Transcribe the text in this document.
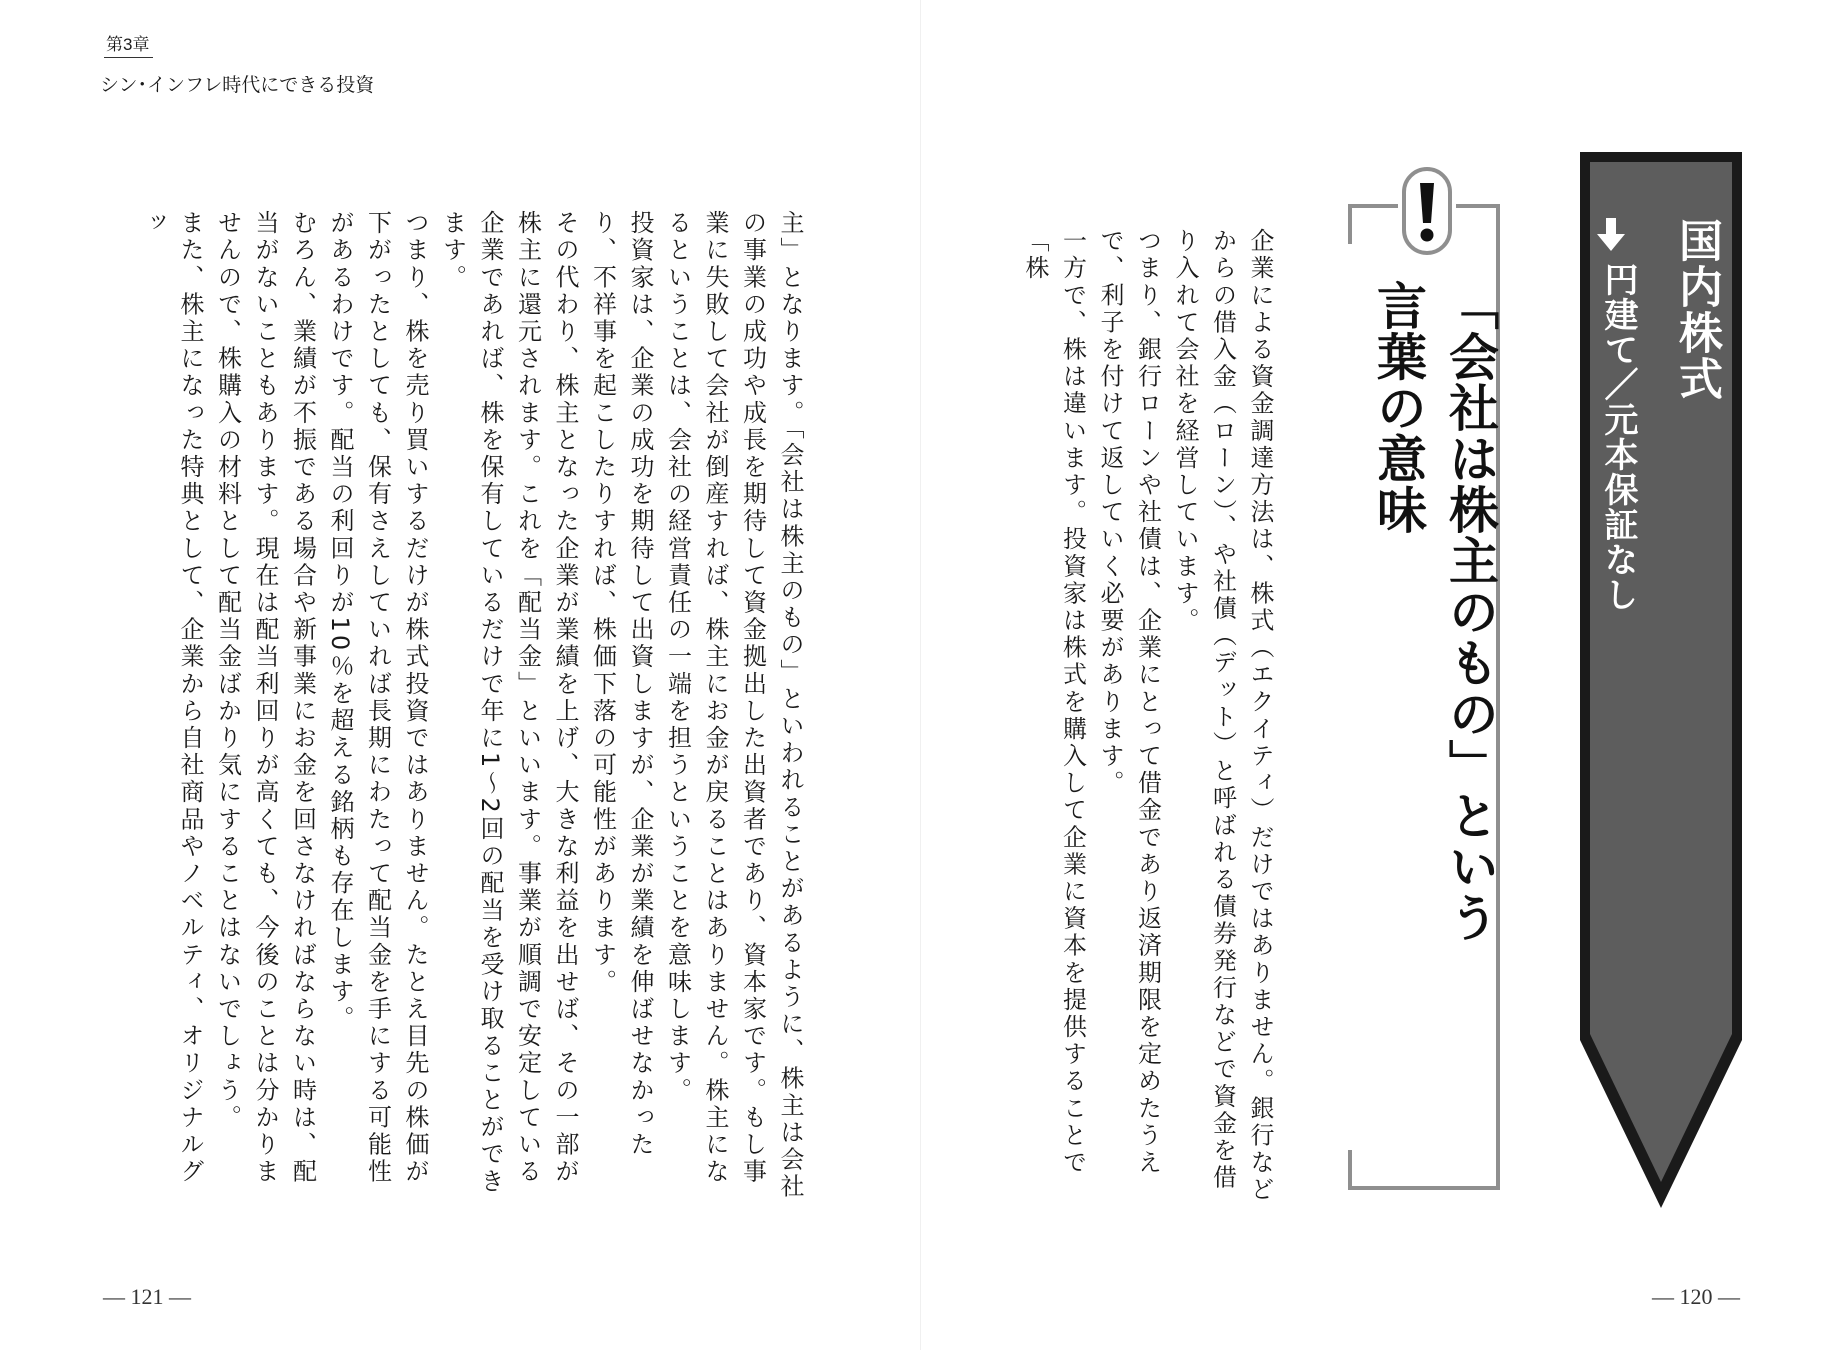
第3章
シン･インフレ時代にできる投資

主」となります。「会社は株主のもの」といわれることがあるように、株主は会社の事業の成功や成長を期待して資金拠出した出資者であり、資本家です。もし事業に失敗して会社が倒産すれば、株主にお金が戻ることはありません。株主になるということは、会社の経営責任の一端を担うということを意味します。

投資家は、企業の成功を期待して出資しますが、企業が業績を伸ばせなかったり、不祥事を起こしたりすれば、株価下落の可能性があります。

その代わり、株主となった企業が業績を上げ、大きな利益を出せば、その一部が株主に還元されます。これを「配当金」といいます。事業が順調で安定している企業であれば、株を保有しているだけで年に1～2回の配当を受け取ることができます。

つまり、株を売り買いするだけが株式投資ではありません。たとえ目先の株価が下がったとしても、保有さえしていれば長期にわたって配当金を手にする可能性があるわけです。配当の利回りが10％を超える銘柄も存在します。

むろん、業績が不振である場合や新事業にお金を回さなければならない時は、配当がないこともあります。現在は配当利回りが高くても、今後のことは分かりませんので、株購入の材料として配当金ばかり気にすることはないでしょう。

また、株主になった特典として、企業から自社商品やノベルティ、オリジナルグッ

企業による資金調達方法は、株式（エクイティ）だけではありません。銀行などからの借入金（ローン）、や社債（デット）と呼ばれる債券発行などで資金を借り入れて会社を経営しています。

つまり、銀行ローンや社債は、企業にとって借金であり返済期限を定めたうえで、利子を付けて返していく必要があります。

一方で、株は違います。投資家は株式を購入して企業に資本を提供することで「株

「会社は株主のもの」という
言葉の意味	国内株式
円建て／元本保証なし
— 121 —	— 120 —
